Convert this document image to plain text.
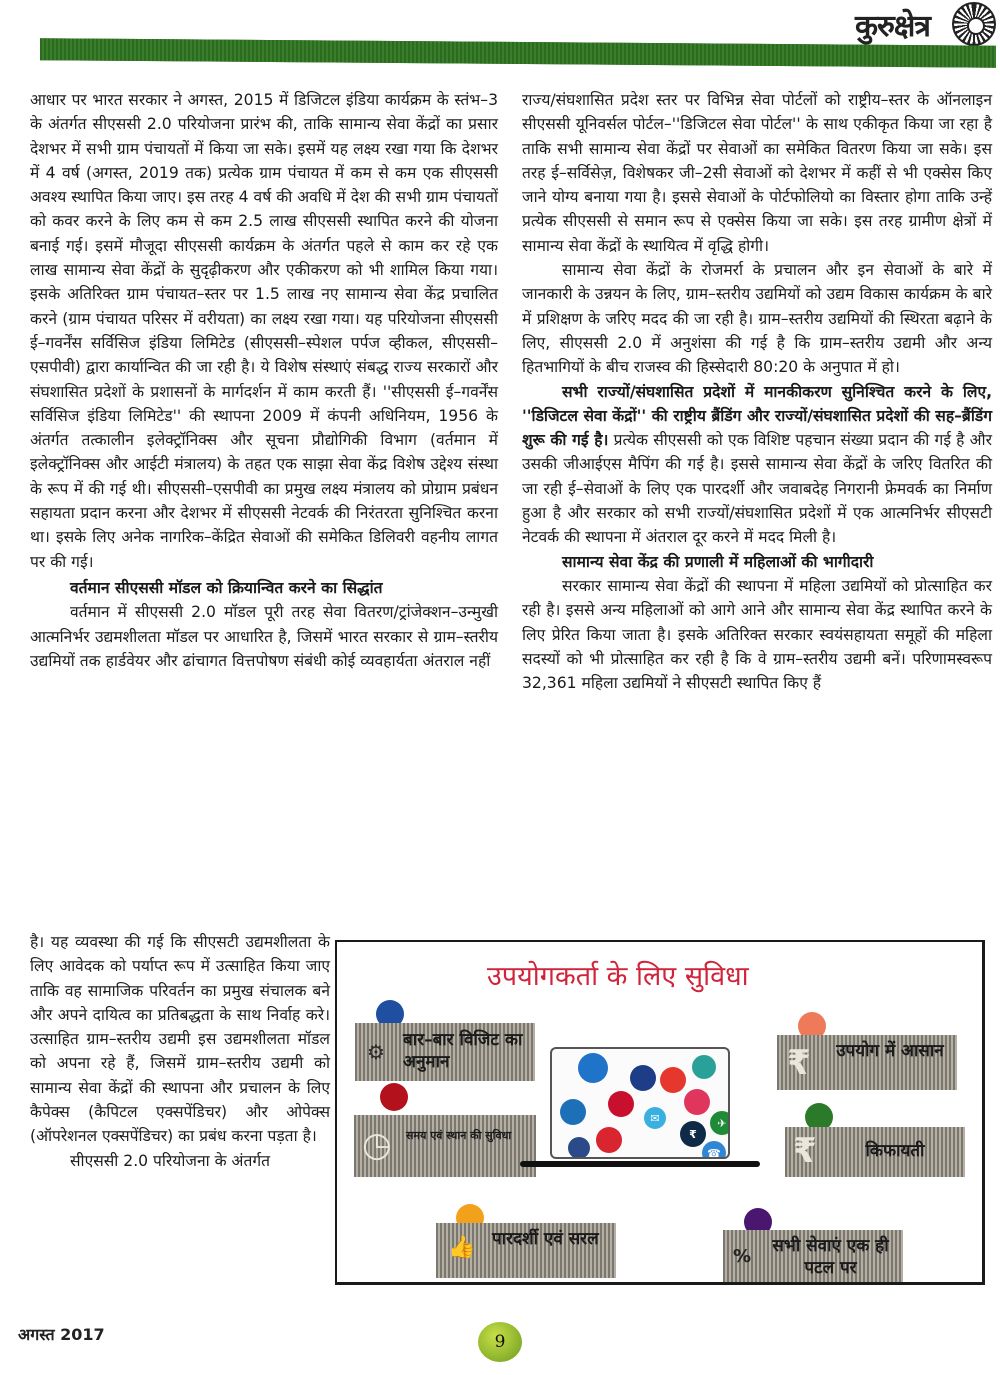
कुरुक्षेत्र

आधार पर भारत सरकार ने अगस्त, 2015 में डिजिटल इंडिया कार्यक्रम के स्तंभ–3 के अंतर्गत सीएससी 2.0 परियोजना प्रारंभ की, ताकि सामान्य सेवा केंद्रों का प्रसार देशभर में सभी ग्राम पंचायतों में किया जा सके। इसमें यह लक्ष्य रखा गया कि देशभर में 4 वर्ष (अगस्त, 2019 तक) प्रत्येक ग्राम पंचायत में कम से कम एक सीएससी अवश्य स्थापित किया जाए। इस तरह 4 वर्ष की अवधि में देश की सभी ग्राम पंचायतों को कवर करने के लिए कम से कम 2.5 लाख सीएससी स्थापित करने की योजना बनाई गई। इसमें मौजूदा सीएससी कार्यक्रम के अंतर्गत पहले से काम कर रहे एक लाख सामान्य सेवा केंद्रों के सुदृढ़ीकरण और एकीकरण को भी शामिल किया गया। इसके अतिरिक्त ग्राम पंचायत–स्तर पर 1.5 लाख नए सामान्य सेवा केंद्र प्रचालित करने (ग्राम पंचायत परिसर में वरीयता) का लक्ष्य रखा गया। यह परियोजना सीएससी ई–गवर्नेंस सर्विसिज इंडिया लिमिटेड (सीएससी–स्पेशल पर्पज व्हीकल, सीएससी–एसपीवी) द्वारा कार्यान्वित की जा रही है। ये विशेष संस्थाएं संबद्ध राज्य सरकारों और संघशासित प्रदेशों के प्रशासनों के मार्गदर्शन में काम करती हैं। ''सीएससी ई–गवर्नेंस सर्विसिज इंडिया लिमिटेड'' की स्थापना 2009 में कंपनी अधिनियम, 1956 के अंतर्गत तत्कालीन इलेक्ट्रॉनिक्स और सूचना प्रौद्योगिकी विभाग (वर्तमान में इलेक्ट्रॉनिक्स और आईटी मंत्रालय) के तहत एक साझा सेवा केंद्र विशेष उद्देश्य संस्था के रूप में की गई थी। सीएससी–एसपीवी का प्रमुख लक्ष्य मंत्रालय को प्रोग्राम प्रबंधन सहायता प्रदान करना और देशभर में सीएससी नेटवर्क की निरंतरता सुनिश्चित करना था। इसके लिए अनेक नागरिक–केंद्रित सेवाओं की समेकित डिलिवरी वहनीय लागत पर की गई।

वर्तमान सीएससी मॉडल को क्रियान्वित करने का सिद्धांत

वर्तमान में सीएससी 2.0 मॉडल पूरी तरह सेवा वितरण/ट्रांजेक्शन–उन्मुखी आत्मनिर्भर उद्यमशीलता मॉडल पर आधारित है, जिसमें भारत सरकार से ग्राम–स्तरीय उद्यमियों तक हार्डवेयर और ढांचागत वित्तपोषण संबंधी कोई व्यवहार्यता अंतराल नहीं

है। यह व्यवस्था की गई कि सीएसटी उद्यमशीलता के लिए आवेदक को पर्याप्त रूप में उत्साहित किया जाए ताकि वह सामाजिक परिवर्तन का प्रमुख संचालक बने और अपने दायित्व का प्रतिबद्धता के साथ निर्वाह करे। उत्साहित ग्राम–स्तरीय उद्यमी इस उद्यमशीलता मॉडल को अपना रहे हैं, जिसमें ग्राम–स्तरीय उद्यमी को सामान्य सेवा केंद्रों की स्थापना और प्रचालन के लिए कैपेक्स (कैपिटल एक्सपेंडिचर) और ओपेक्स (ऑपरेशनल एक्सपेंडिचर) का प्रबंध करना पड़ता है।

सीएससी 2.0 परियोजना के अंतर्गत

राज्य/संघशासित प्रदेश स्तर पर विभिन्न सेवा पोर्टलों को राष्ट्रीय–स्तर के ऑनलाइन सीएससी यूनिवर्सल पोर्टल–''डिजिटल सेवा पोर्टल'' के साथ एकीकृत किया जा रहा है ताकि सभी सामान्य सेवा केंद्रों पर सेवाओं का समेकित वितरण किया जा सके। इस तरह ई–सर्विसेज़, विशेषकर जी–2सी सेवाओं को देशभर में कहीं से भी एक्सेस किए जाने योग्य बनाया गया है। इससे सेवाओं के पोर्टफोलियो का विस्तार होगा ताकि उन्हें प्रत्येक सीएससी से समान रूप से एक्सेस किया जा सके। इस तरह ग्रामीण क्षेत्रों में सामान्य सेवा केंद्रों के स्थायित्व में वृद्धि होगी।

सामान्य सेवा केंद्रों के रोजमर्रा के प्रचालन और इन सेवाओं के बारे में जानकारी के उन्नयन के लिए, ग्राम–स्तरीय उद्यमियों को उद्यम विकास कार्यक्रम के बारे में प्रशिक्षण के जरिए मदद की जा रही है। ग्राम–स्तरीय उद्यमियों की स्थिरता बढ़ाने के लिए, सीएससी 2.0 में अनुशंसा की गई है कि ग्राम–स्तरीय उद्यमी और अन्य हितभागियों के बीच राजस्व की हिस्सेदारी 80:20 के अनुपात में हो।

सभी राज्यों/संघशासित प्रदेशों में मानकीकरण सुनिश्चित करने के लिए, ''डिजिटल सेवा केंद्रों'' की राष्ट्रीय ब्रैंडिंग और राज्यों/संघशासित प्रदेशों की सह–ब्रैंडिंग शुरू की गई है। प्रत्येक सीएससी को एक विशिष्ट पहचान संख्या प्रदान की गई है और उसकी जीआईएस मैपिंग की गई है। इससे सामान्य सेवा केंद्रों के जरिए वितरित की जा रही ई–सेवाओं के लिए एक पारदर्शी और जवाबदेह निगरानी फ्रेमवर्क का निर्माण हुआ है और सरकार को सभी राज्यों/संघशासित प्रदेशों में एक आत्मनिर्भर सीएसटी नेटवर्क की स्थापना में अंतराल दूर करने में मदद मिली है।

सामान्य सेवा केंद्र की प्रणाली में महिलाओं की भागीदारी

सरकार सामान्य सेवा केंद्रों की स्थापना में महिला उद्यमियों को प्रोत्साहित कर रही है। इससे अन्य महिलाओं को आगे आने और सामान्य सेवा केंद्र स्थापित करने के लिए प्रेरित किया जाता है। इसके अतिरिक्त सरकार स्वयंसहायता समूहों की महिला सदस्यों को भी प्रोत्साहित कर रही है कि वे ग्राम–स्तरीय उद्यमी बनें। परिणामस्वरूप 32,361 महिला उद्यमियों ने सीएसटी स्थापित किए हैं

उपयोगकर्ता के लिए सुविधा
⚙ बार–बार विजिट का अनुमान
◷ समय एवं स्थान की सुविधा
👍 पारदर्शी एवं सरल
₹ उपयोग में आसान
₹	किफायती
%	सभी सेवाएं एक ही पटल पर
₹
✈
✉
☎
अगस्त 2017	9
